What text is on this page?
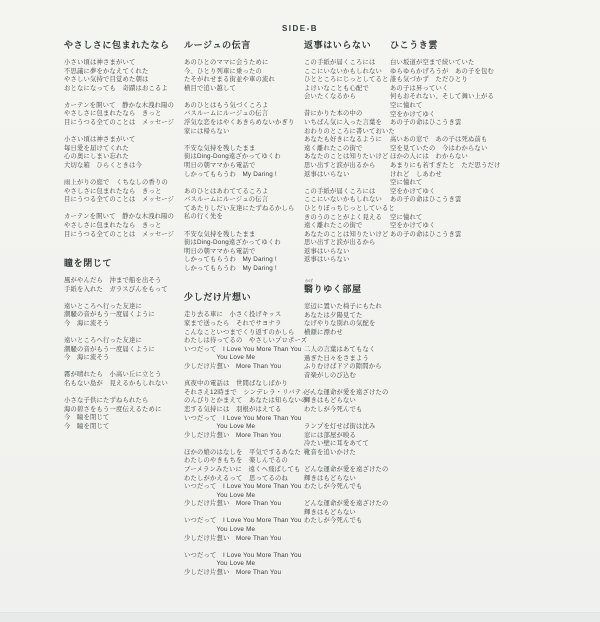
SIDE-B
やさしさに包まれたなら
小さい頃は神さまがいて
不思議に夢をかなえてくれた
やさしい気持で目覚めた朝は
おとなになっても　奇蹟はおこるよ
カーテンを開いて　静かな木洩れ陽の
やさしさに包まれたなら　きっと
目にうつる全てのことは　メッセージ
小さい頃は神さまがいて
毎日愛を届けてくれた
心の奥にしまい忘れた
大切な箱　ひらくときは今
雨上がりの庭で　くちなしの香りの
やさしさに包まれたなら　きっと
目にうつる全てのことは　メッセージ
カーテンを開いて　静かな木洩れ陽の
やさしさに包まれたなら　きっと
目にうつる全てのことは　メッセージ
瞳を閉じて
風がやんだら　沖まで船を出そう
手紙を入れた　ガラスびんをもって
遠いところへ行った友達に
潮騒の音がもう一度届くように
今　海に流そう
遠いところへ行った友達に
潮騒の音がもう一度届くように
今　海に流そう
霧が晴れたら　小高い丘に立とう
名もない島が　見えるかもしれない
小さな子供にたずねられたら
海の碧さをもう一度伝えるために
今　瞳を閉じて
今　瞳を閉じて
ルージュの伝言
あのひとのママに会うために
今、ひとり列車に乗ったの
たそがれせまる街並や車の流れ
横目で追い越して
あのひとはもう気づくころよ
バスルームにルージュの伝言
浮気な恋をはやくあきらめないかぎり
家には帰らない
不安な気持を残したまま
街はDing-Dong遠ざかってゆくわ
明日の朝ママから電話で
しかってもらうわ　My Daring !
あのひとはあわててるころよ
バスルームにルージュの伝言
てあたりしだい友達にたずねるかしら
私の行く先を
不安な気持を残したまま
街はDing-Dong遠ざかってゆくわ
明日の朝ママから電話で
しかってもらうわ　My Daring !
しかってもらうわ　My Daring !
少しだけ片想い
走り去る車に　小さく投げキッス
家まで送ったら　それでサヨナラ
こんなこといつまでくり返すのかしら
わたしは待ってるの　やさしいプロポーズ
いつだって　I Love You More Than You
　　　　　You Love Me
少しだけ片想い　More Than You
真夜中の電話は　世間ばなしばかり
それさえ12時まで　シンデレラ・リバティー
のんびりとかまえて　あなたは知らないの
恋する気持には　羽根がはえてる
いつだって　I Love You More Than You
　　　　　You Love Me
少しだけ片想い　More Than You
ほかの娘のはなしを　平気でするあなた
わたしのやきもちを　楽しんでるの
ブーメランみたいに　遠くへ飛ばしても
わたしがかえるって　思ってるのね
いつだって　I Love You More Than You
　　　　　You Love Me
少しだけ片想い　More Than You
いつだって　I Love You More Than You
　　　　　You Love Me
少しだけ片想い　More Than You
いつだって　I Love You More Than You
　　　　　You Love Me
少しだけ片想い　More Than You
返事はいらない
この手紙が届くころには
ここにいないかもしれない
ひとところにじっとしてると
よけいなことも心配で
会いたくなるから
昔にかりた本の中の
いちばん気に入った言葉を
おわりのところに書いておいた
あなたも好きになるように
遠く離れたこの街で
あなたのことは知りたいけど
思い出すと涙が出るから
返事はいらない
この手紙が届くころには
ここにいないかもしれない
ひとりぼっちじっとしていると
きのうのことがよく見える
遠く離れたこの街で
あなたのことは知りたいけど
思い出すと涙が出るから
返事はいらない
返事はいらない
かげ
翳りゆく部屋
窓辺に置いた椅子にもたれ
あなたは夕陽見てた
なげやりな別れの気配を
横顔に漂わせ
二人の言葉はあてもなく
過ぎた日々をさまよう
ふりむけばドアの隙間から
音楽がしのび込む
どんな運命が愛を遠ざけたの
輝きはもどらない
わたしが今死んでも
ランプを灯せば街は沈み
窓には部屋が映る
冷たい壁に耳をあてて
靴音を追いかけた
どんな運命が愛を遠ざけたの
輝きはもどらない
わたしが今死んでも
どんな運命が愛を遠ざけたの
輝きはもどらない
わたしが今死んでも
ひこうき雲
白い坂道が空まで続いていた
ゆらゆらかげろうが　あの子を包む
誰も気づかず　ただひとり
あの子は昇っていく
何もおそれない、そして舞い上がる
空に憧れて
空をかけてゆく
あの子の命はひこうき雲
高いあの窓で　あの子は死ぬ前も
空を見ていたの　今はわからない
ほかの人には　わからない
あまりにも若すぎたと　ただ思うだけ
けれど　しあわせ
空に憧れて
空をかけてゆく
あの子の命はひこうき雲
空に憧れて
空をかけてゆく
あの子の命はひこうき雲
